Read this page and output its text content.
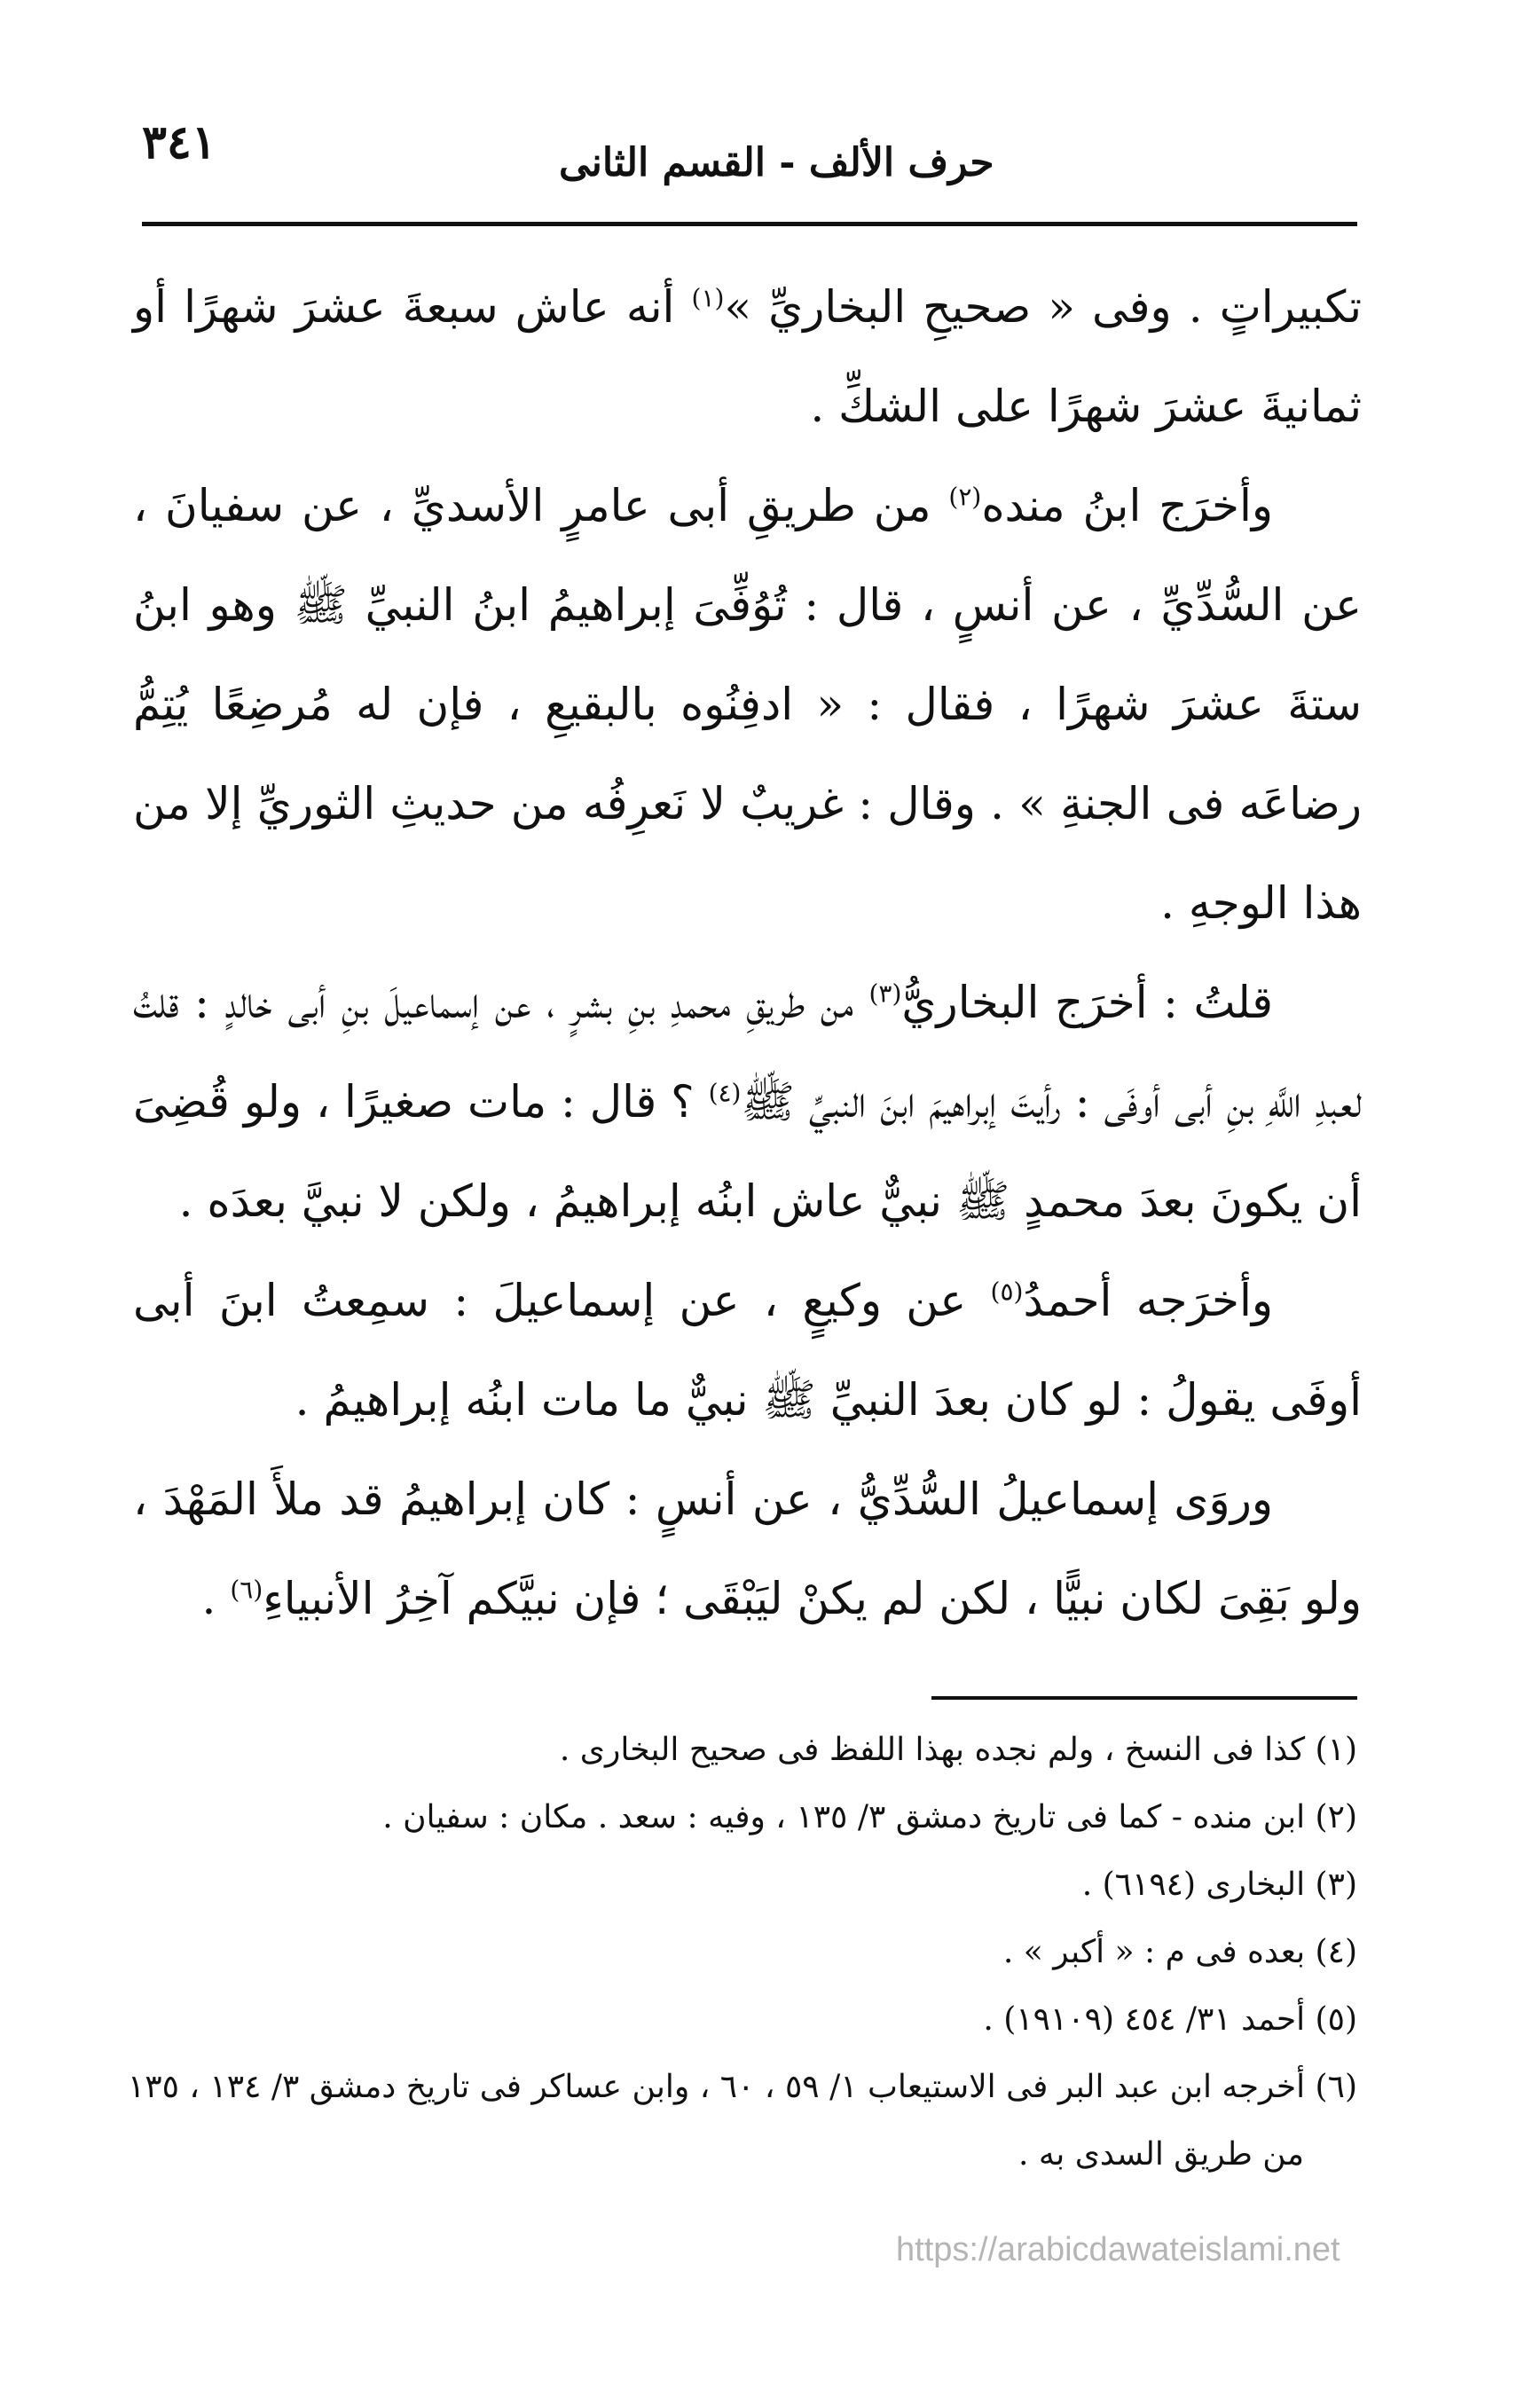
٣٤١	حرف الألف - القسم الثانى

تكبيراتٍ . وفى « صحيحِ البخاريِّ »$^{(١)}$ أنه عاش سبعةَ عشرَ شهرًا أو ثمانيةَ عشرَ شهرًا على الشكِّ .

وأخرَج ابنُ منده$^{(٢)}$ من طريقِ أبى عامرٍ الأسديِّ ، عن سفيانَ ، عن السُّدِّيِّ ، عن أنسٍ ، قال : تُوُفِّىَ إبراهيمُ ابنُ النبيِّ ﷺ وهو ابنُ ستةَ عشرَ شهرًا ، فقال : « ادفِنُوه بالبقيعِ ، فإن له مُرضِعًا يُتِمُّ رضاعَه فى الجنةِ » . وقال : غريبٌ لا نَعرِفُه من حديثِ الثوريِّ إلا من هذا الوجهِ .

قلتُ : أخرَج البخاريُّ$^{(٣)}$ من طريقِ محمدِ بنِ بشرٍ ، عن إسماعيلَ بنِ أبى خالدٍ : قلتُ لعبدِ اللَّهِ بنِ أبى أوفَى : رأيتَ إبراهيمَ ابنَ النبيِّ ﷺ$^{(٤)}$ ؟ قال : مات صغيرًا ، ولو قُضِىَ أن يكونَ بعدَ محمدٍ ﷺ نبيٌّ عاش ابنُه إبراهيمُ ، ولكن لا نبيَّ بعدَه .

وأخرَجه أحمدُ$^{(٥)}$ عن وكيعٍ ، عن إسماعيلَ : سمِعتُ ابنَ أبى أوفَى يقولُ : لو كان بعدَ النبيِّ ﷺ نبيٌّ ما مات ابنُه إبراهيمُ .

وروَى إسماعيلُ السُّدِّيُّ ، عن أنسٍ : كان إبراهيمُ قد ملأَ المَهْدَ ، ولو بَقِىَ لكان نبيًّا ، لكن لم يكنْ ليَبْقَى ؛ فإن نبيَّكم آخِرُ الأنبياءِ$^{(٦)}$ .

(١) كذا فى النسخ ، ولم نجده بهذا اللفظ فى صحيح البخارى .

(٢) ابن منده - كما فى تاريخ دمشق ٣/ ١٣٥ ، وفيه : سعد . مكان : سفيان .

(٣) البخارى (٦١٩٤) .

(٤) بعده فى م : « أكبر » .

(٥) أحمد ٣١/ ٤٥٤ (١٩١٠٩) .

(٦) أخرجه ابن عبد البر فى الاستيعاب ١/ ٥٩ ، ٦٠ ، وابن عساكر فى تاريخ دمشق ٣/ ١٣٤ ، ١٣٥

من طريق السدى به .

https://arabicdawateislami.net
